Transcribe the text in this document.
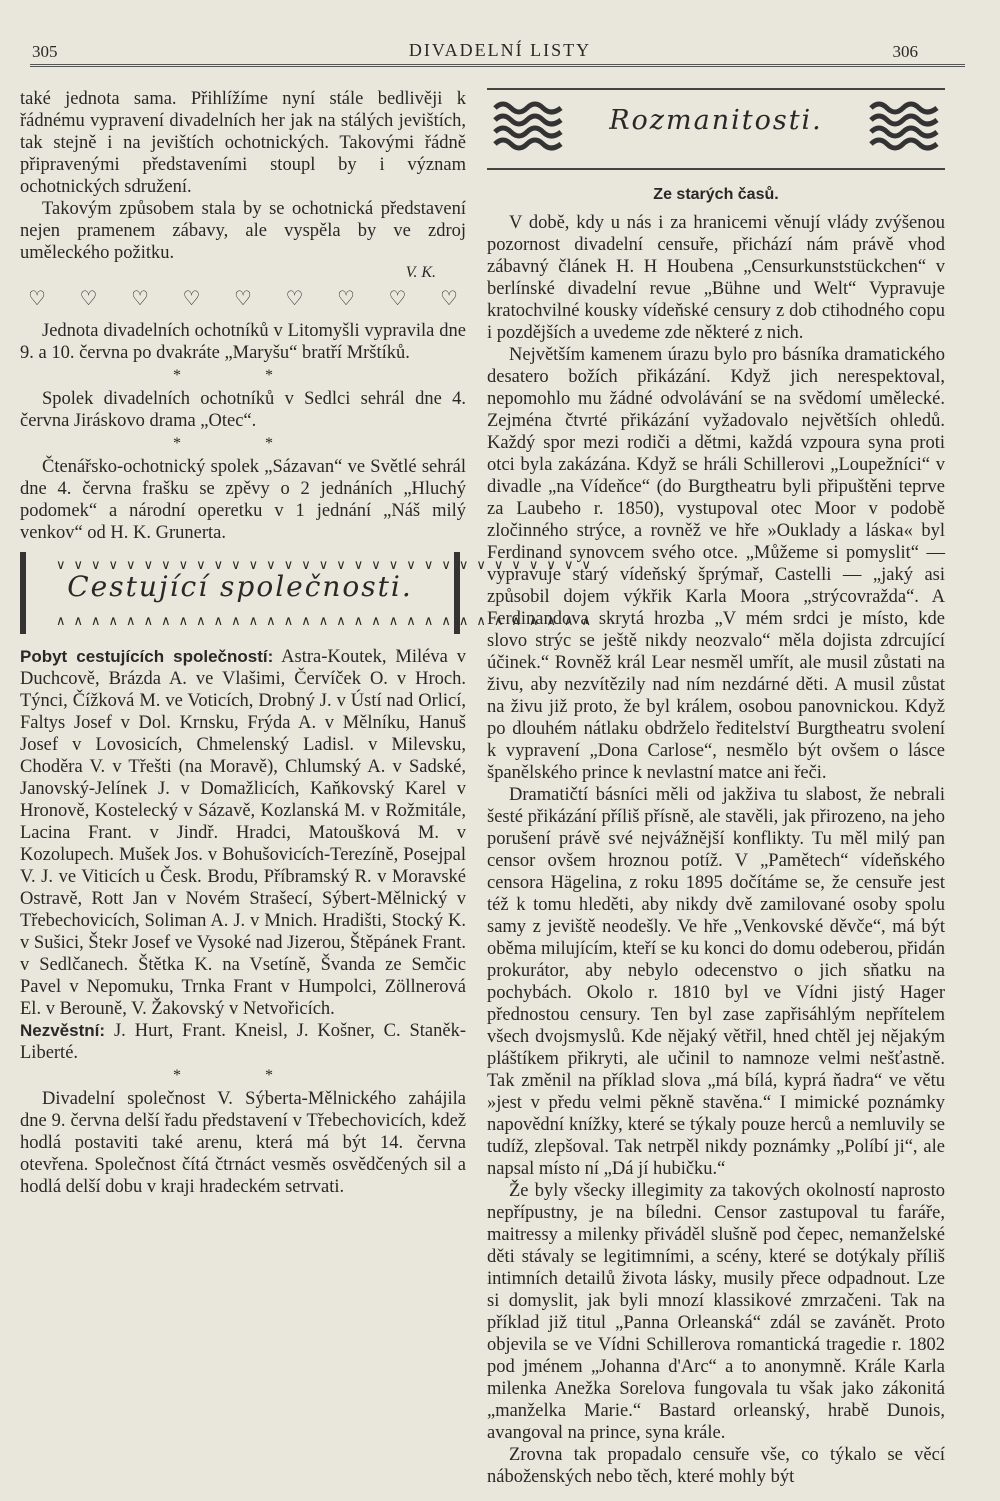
305	DIVADELNÍ LISTY	306

také jednota sama. Přihlížíme nyní stále bedlivěji k řádnému vypravení divadelních her jak na stálých jevištích, tak stejně i na jevištích ochotnických. Takovými řádně připravenými představeními stoupl by i význam ochotnických sdružení.

Takovým způsobem stala by se ochotnická představení nejen pramenem zábavy, ale vyspěla by ve zdroj uměleckého požitku.

V. K.
♡ ♡ ♡ ♡ ♡ ♡ ♡ ♡ ♡

Jednota divadelních ochotníků v Litomyšli vypravila dne 9. a 10. června po dvakráte „Maryšu“ bratří Mrštíků.

* *

Spolek divadelních ochotníků v Sedlci sehrál dne 4. června Jiráskovo drama „Otec“.

* *

Čtenářsko-ochotnický spolek „Sázavan“ ve Světlé sehrál dne 4. června frašku se zpěvy o 2 jednáních „Hluchý podomek“ a národní operetku v 1 jednání „Náš milý venkov“ od H. K. Grunerta.

∨∨∨∨∨∨∨∨∨∨∨∨∨∨∨∨∨∨∨∨∨∨∨∨∨∨∨∨∨∨∨
Cestující společnosti.
∧∧∧∧∧∧∧∧∧∧∧∧∧∧∧∧∧∧∧∧∧∧∧∧∧∧∧∧∧∧∧

Pobyt cestujících společností: Astra-Koutek, Miléva v Duchcově, Brázda A. ve Vlašimi, Červíček O. v Hroch. Týnci, Čížková M. ve Voticích, Drobný J. v Ústí nad Orlicí, Faltys Josef v Dol. Krnsku, Frýda A. v Mělníku, Hanuš Josef v Lovosicích, Chmelenský Ladisl. v Milevsku, Choděra V. v Třešti (na Moravě), Chlumský A. v Sadské, Janovský-Jelínek J. v Domažlicích, Kaňkovský Karel v Hronově, Kostelecký v Sázavě, Kozlanská M. v Rožmitále, Lacina Frant. v Jindř. Hradci, Matoušková M. v Kozolupech. Mušek Jos. v Bohušovicích-Terezíně, Posejpal V. J. ve Viticích u Česk. Brodu, Příbramský R. v Moravské Ostravě, Rott Jan v Novém Strašecí, Sýbert-Mělnický v Třebechovicích, Soliman A. J. v Mnich. Hradišti, Stocký K. v Sušici, Štekr Josef ve Vysoké nad Jizerou, Štěpánek Frant. v Sedlčanech. Štětka K. na Vsetíně, Švanda ze Semčic Pavel v Nepomuku, Trnka Frant v Humpolci, Zöllnerová El. v Berouně, V. Žakovský v Netvořicích.

Nezvěstní: J. Hurt, Frant. Kneisl, J. Košner, C. Staněk-Liberté.

* *

Divadelní společnost V. Sýberta-Mělnického zahájila dne 9. června delší řadu představení v Třebechovicích, kdež hodlá postaviti také arenu, která má být 14. června otevřena. Společnost čítá čtrnáct vesměs osvědčených sil a hodlá delší dobu v kraji hradeckém setrvati.

Rozmanitosti.
Ze starých časů.

V době, kdy u nás i za hranicemi věnují vlády zvýšenou pozornost divadelní censuře, přichází nám právě vhod zábavný článek H. H Houbena „Censurkunststückchen“ v berlínské divadelní revue „Bühne und Welt“ Vypravuje kratochvilné kousky vídeňské censury z dob ctihodného copu i pozdějších a uvedeme zde některé z nich.

Největším kamenem úrazu bylo pro básníka dramatického desatero božích přikázání. Když jich nerespektoval, nepomohlo mu žádné odvolávání se na svědomí umělecké. Zejména čtvrté přikázání vyžadovalo největších ohledů. Každý spor mezi rodiči a dětmi, každá vzpoura syna proti otci byla zakázána. Když se hráli Schillerovi „Loupežníci“ v divadle „na Vídeňce“ (do Burgtheatru byli připuštěni teprve za Laubeho r. 1850), vystupoval otec Moor v podobě zločinného strýce, a rovněž ve hře »Ouklady a láska« byl Ferdinand synovcem svého otce. „Můžeme si pomyslit“ — vypravuje starý vídeňský šprýmař, Castelli — „jaký asi způsobil dojem výkřik Karla Moora „strýcovražda“. A Ferdinandova skrytá hrozba „V mém srdci je místo, kde slovo strýc se ještě nikdy neozvalo“ měla dojista zdrcující účinek.“ Rovněž král Lear nesměl umřít, ale musil zůstati na živu, aby nezvítězily nad ním nezdárné děti. A musil zůstat na živu již proto, že byl králem, osobou panovnickou. Když po dlouhém nátlaku obdrželo ředitelství Burgtheatru svolení k vypravení „Dona Carlose“, nesmělo být ovšem o lásce španělského prince k nevlastní matce ani řeči.

Dramatičtí básníci měli od jakživa tu slabost, že nebrali šesté přikázání příliš přísně, ale stavěli, jak přirozeno, na jeho porušení právě své nejvážnější konflikty. Tu měl milý pan censor ovšem hroznou potíž. V „Pamětech“ vídeňského censora Hägelina, z roku 1895 dočítáme se, že censuře jest též k tomu hleděti, aby nikdy dvě zamilované osoby spolu samy z jeviště neodešly. Ve hře „Venkovské děvče“, má být oběma milujícím, kteří se ku konci do domu odeberou, přidán prokurátor, aby nebylo odecenstvo o jich sňatku na pochybách. Okolo r. 1810 byl ve Vídni jistý Hager přednostou censury. Ten byl zase zapřisáhlým nepřítelem všech dvojsmyslů. Kde nějaký větřil, hned chtěl jej nějakým pláštíkem přikryti, ale učinil to namnoze velmi nešťastně. Tak změnil na příklad slova „má bílá, kyprá ňadra“ ve větu »jest v předu velmi pěkně stavěna.“ I mimické poznámky napovědní knížky, které se týkaly pouze herců a nemluvily se tudíž, zlepšoval. Tak netrpěl nikdy poznámky „Políbí ji“, ale napsal místo ní „Dá jí hubičku.“

Že byly všecky illegimity za takových okolností naprosto nepřípustny, je na bíledni. Censor zastupoval tu faráře, maitressy a milenky přiváděl slušně pod čepec, nemanželské děti stávaly se legitimními, a scény, které se dotýkaly příliš intimních detailů života lásky, musily přece odpadnout. Lze si domyslit, jak byli mnozí klassikové zmrzačeni. Tak na příklad již titul „Panna Orleanská“ zdál se zavánět. Proto objevila se ve Vídni Schillerova romantická tragedie r. 1802 pod jménem „Johanna d'Arc“ a to anonymně. Krále Karla milenka Anežka Sorelova fungovala tu však jako zákonitá „manželka Marie.“ Bastard orleanský, hrabě Dunois, avangoval na prince, syna krále.

Zrovna tak propadalo censuře vše, co týkalo se věcí náboženských nebo těch, které mohly být
